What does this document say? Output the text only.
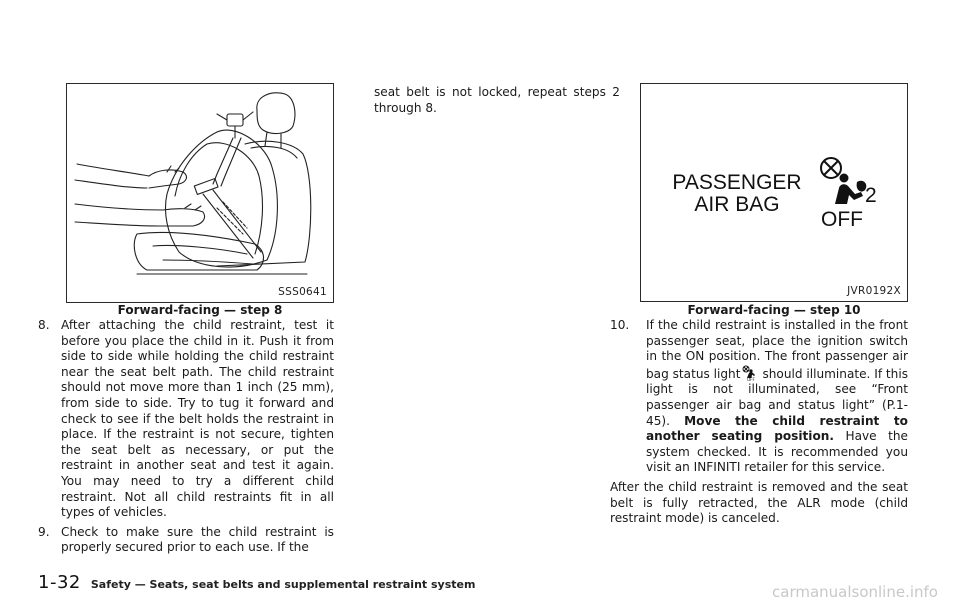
SSS0641
Forward-facing — step 8
PASSENGER
AIR BAG	2
OFF
JVR0192X
Forward-facing — step 10
8. After attaching the child restraint, test it before you place the child in it. Push it from side to side while holding the child restraint near the seat belt path. The child restraint should not move more than 1 inch (25 mm), from side to side. Try to tug it forward and check to see if the belt holds the restraint in place. If the restraint is not secure, tighten the seat belt as necessary, or put the restraint in another seat and test it again. You may need to try a different child restraint. Not all child restraints fit in all types of vehicles.

9. Check to make sure the child restraint is properly secured prior to each use. If the

seat belt is not locked, repeat steps 2 through 8.

10. If the child restraint is installed in the front passenger seat, place the ignition switch in the ON position. The front passenger air bag status light OFF should illuminate. If this light is not illuminated, see “Front passenger air bag and status light” (P.1-45). Move the child restraint to another seating position. Have the system checked. It is recommended you visit an INFINITI retailer for this service.

After the child restraint is removed and the seat belt is fully retracted, the ALR mode (child restraint mode) is canceled.

1-32 Safety — Seats, seat belts and supplemental restraint system	carmanualsonline.info
